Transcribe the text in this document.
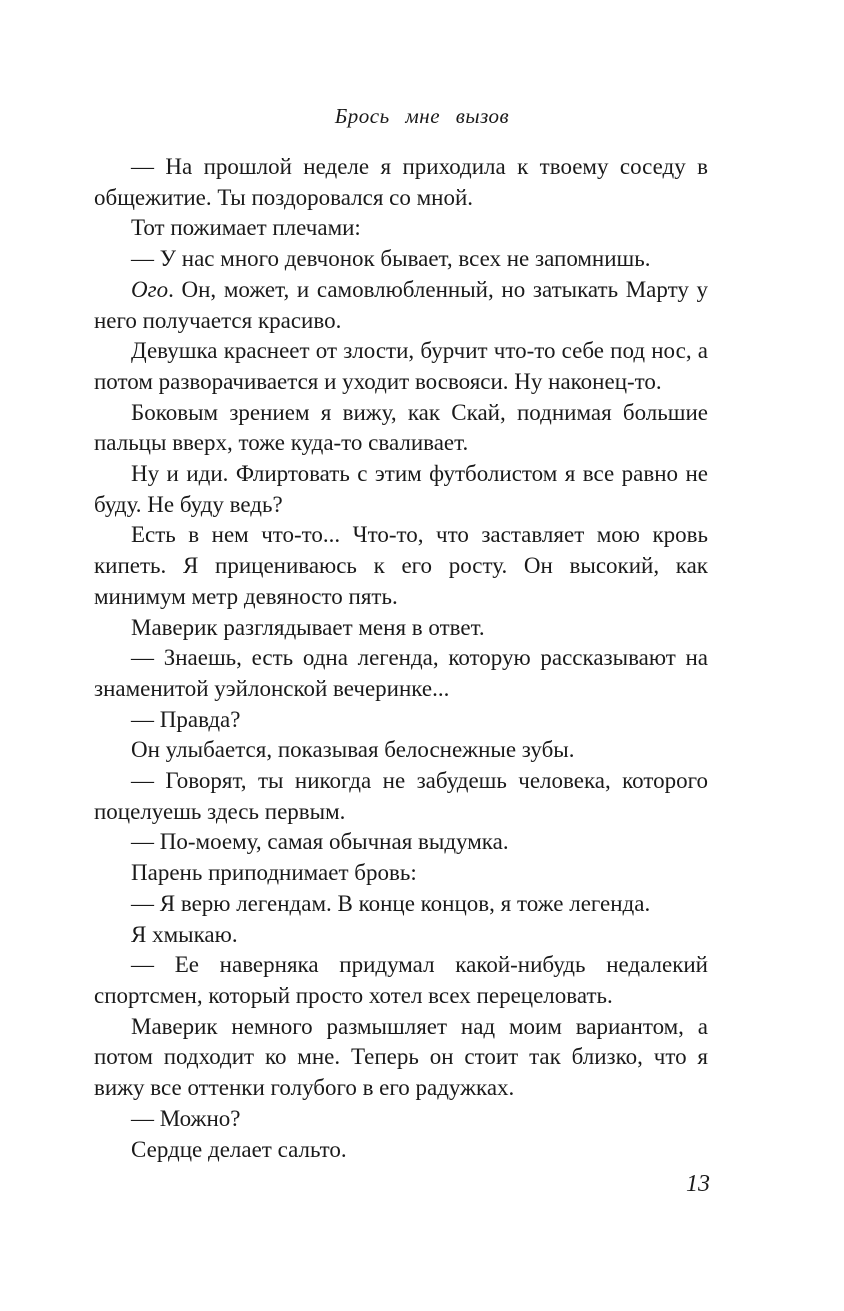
Брось мне вызов

— На прошлой неделе я приходила к твоему соседу в общежитие. Ты поздоровался со мной.

Тот пожимает плечами:

— У нас много девчонок бывает, всех не запомнишь.

Ого. Он, может, и самовлюбленный, но затыкать Марту у него получается красиво.

Девушка краснеет от злости, бурчит что-то себе под нос, а потом разворачивается и уходит восвояси. Ну наконец-то.

Боковым зрением я вижу, как Скай, поднимая большие пальцы вверх, тоже куда-то сваливает.

Ну и иди. Флиртовать с этим футболистом я все равно не буду. Не буду ведь?

Есть в нем что-то... Что-то, что заставляет мою кровь кипеть. Я прицениваюсь к его росту. Он высокий, как минимум метр девяносто пять.

Маверик разглядывает меня в ответ.

— Знаешь, есть одна легенда, которую рассказывают на знаменитой уэйлонской вечеринке...

— Правда?

Он улыбается, показывая белоснежные зубы.

— Говорят, ты никогда не забудешь человека, которого поцелуешь здесь первым.

— По-моему, самая обычная выдумка.

Парень приподнимает бровь:

— Я верю легендам. В конце концов, я тоже легенда.

Я хмыкаю.

— Ее наверняка придумал какой-нибудь недалекий спортсмен, который просто хотел всех перецеловать.

Маверик немного размышляет над моим вариантом, а потом подходит ко мне. Теперь он стоит так близко, что я вижу все оттенки голубого в его радужках.

— Можно?

Сердце делает сальто.

13
